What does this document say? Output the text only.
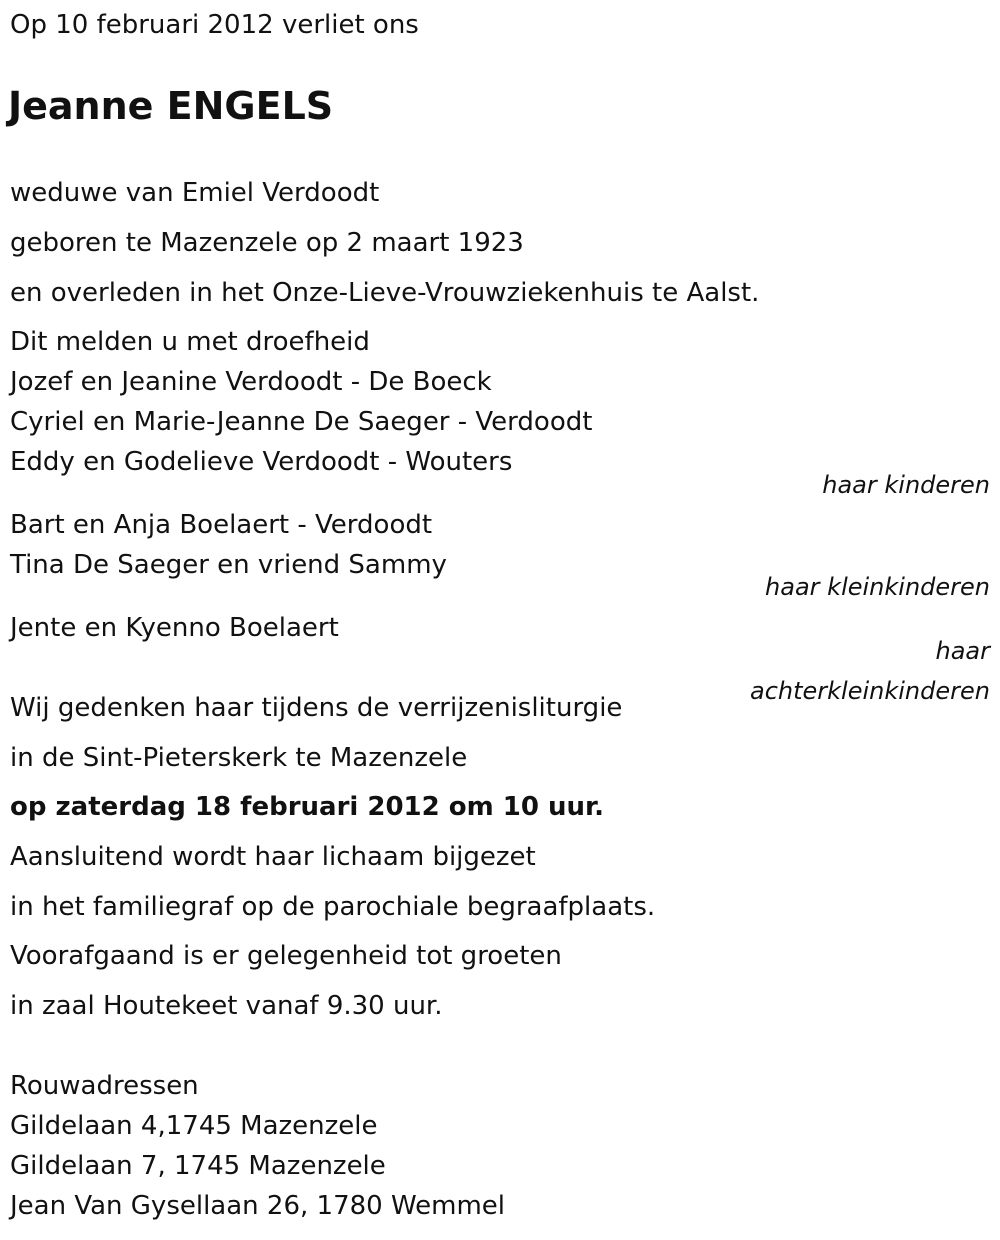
Op 10 februari 2012 verliet ons
Jeanne ENGELS
weduwe van Emiel Verdoodt
geboren te Mazenzele op 2 maart 1923
en overleden in het Onze-Lieve-Vrouwziekenhuis te Aalst.
Dit melden u met droefheid
Jozef en Jeanine Verdoodt - De Boeck
Cyriel en Marie-Jeanne De Saeger - Verdoodt
Eddy en Godelieve Verdoodt - Wouters
haar kinderen
Bart en Anja Boelaert - Verdoodt
Tina De Saeger en vriend Sammy
haar kleinkinderen
Jente en Kyenno Boelaert
haar
achterkleinkinderen
Wij gedenken haar tijdens de verrijzenisliturgie
in de Sint-Pieterskerk te Mazenzele
op zaterdag 18 februari 2012 om 10 uur.
Aansluitend wordt haar lichaam bijgezet
in het familiegraf op de parochiale begraafplaats.
Voorafgaand is er gelegenheid tot groeten
in zaal Houtekeet vanaf 9.30 uur.
Rouwadressen
Gildelaan 4,1745 Mazenzele
Gildelaan 7, 1745 Mazenzele
Jean Van Gysellaan 26, 1780 Wemmel
